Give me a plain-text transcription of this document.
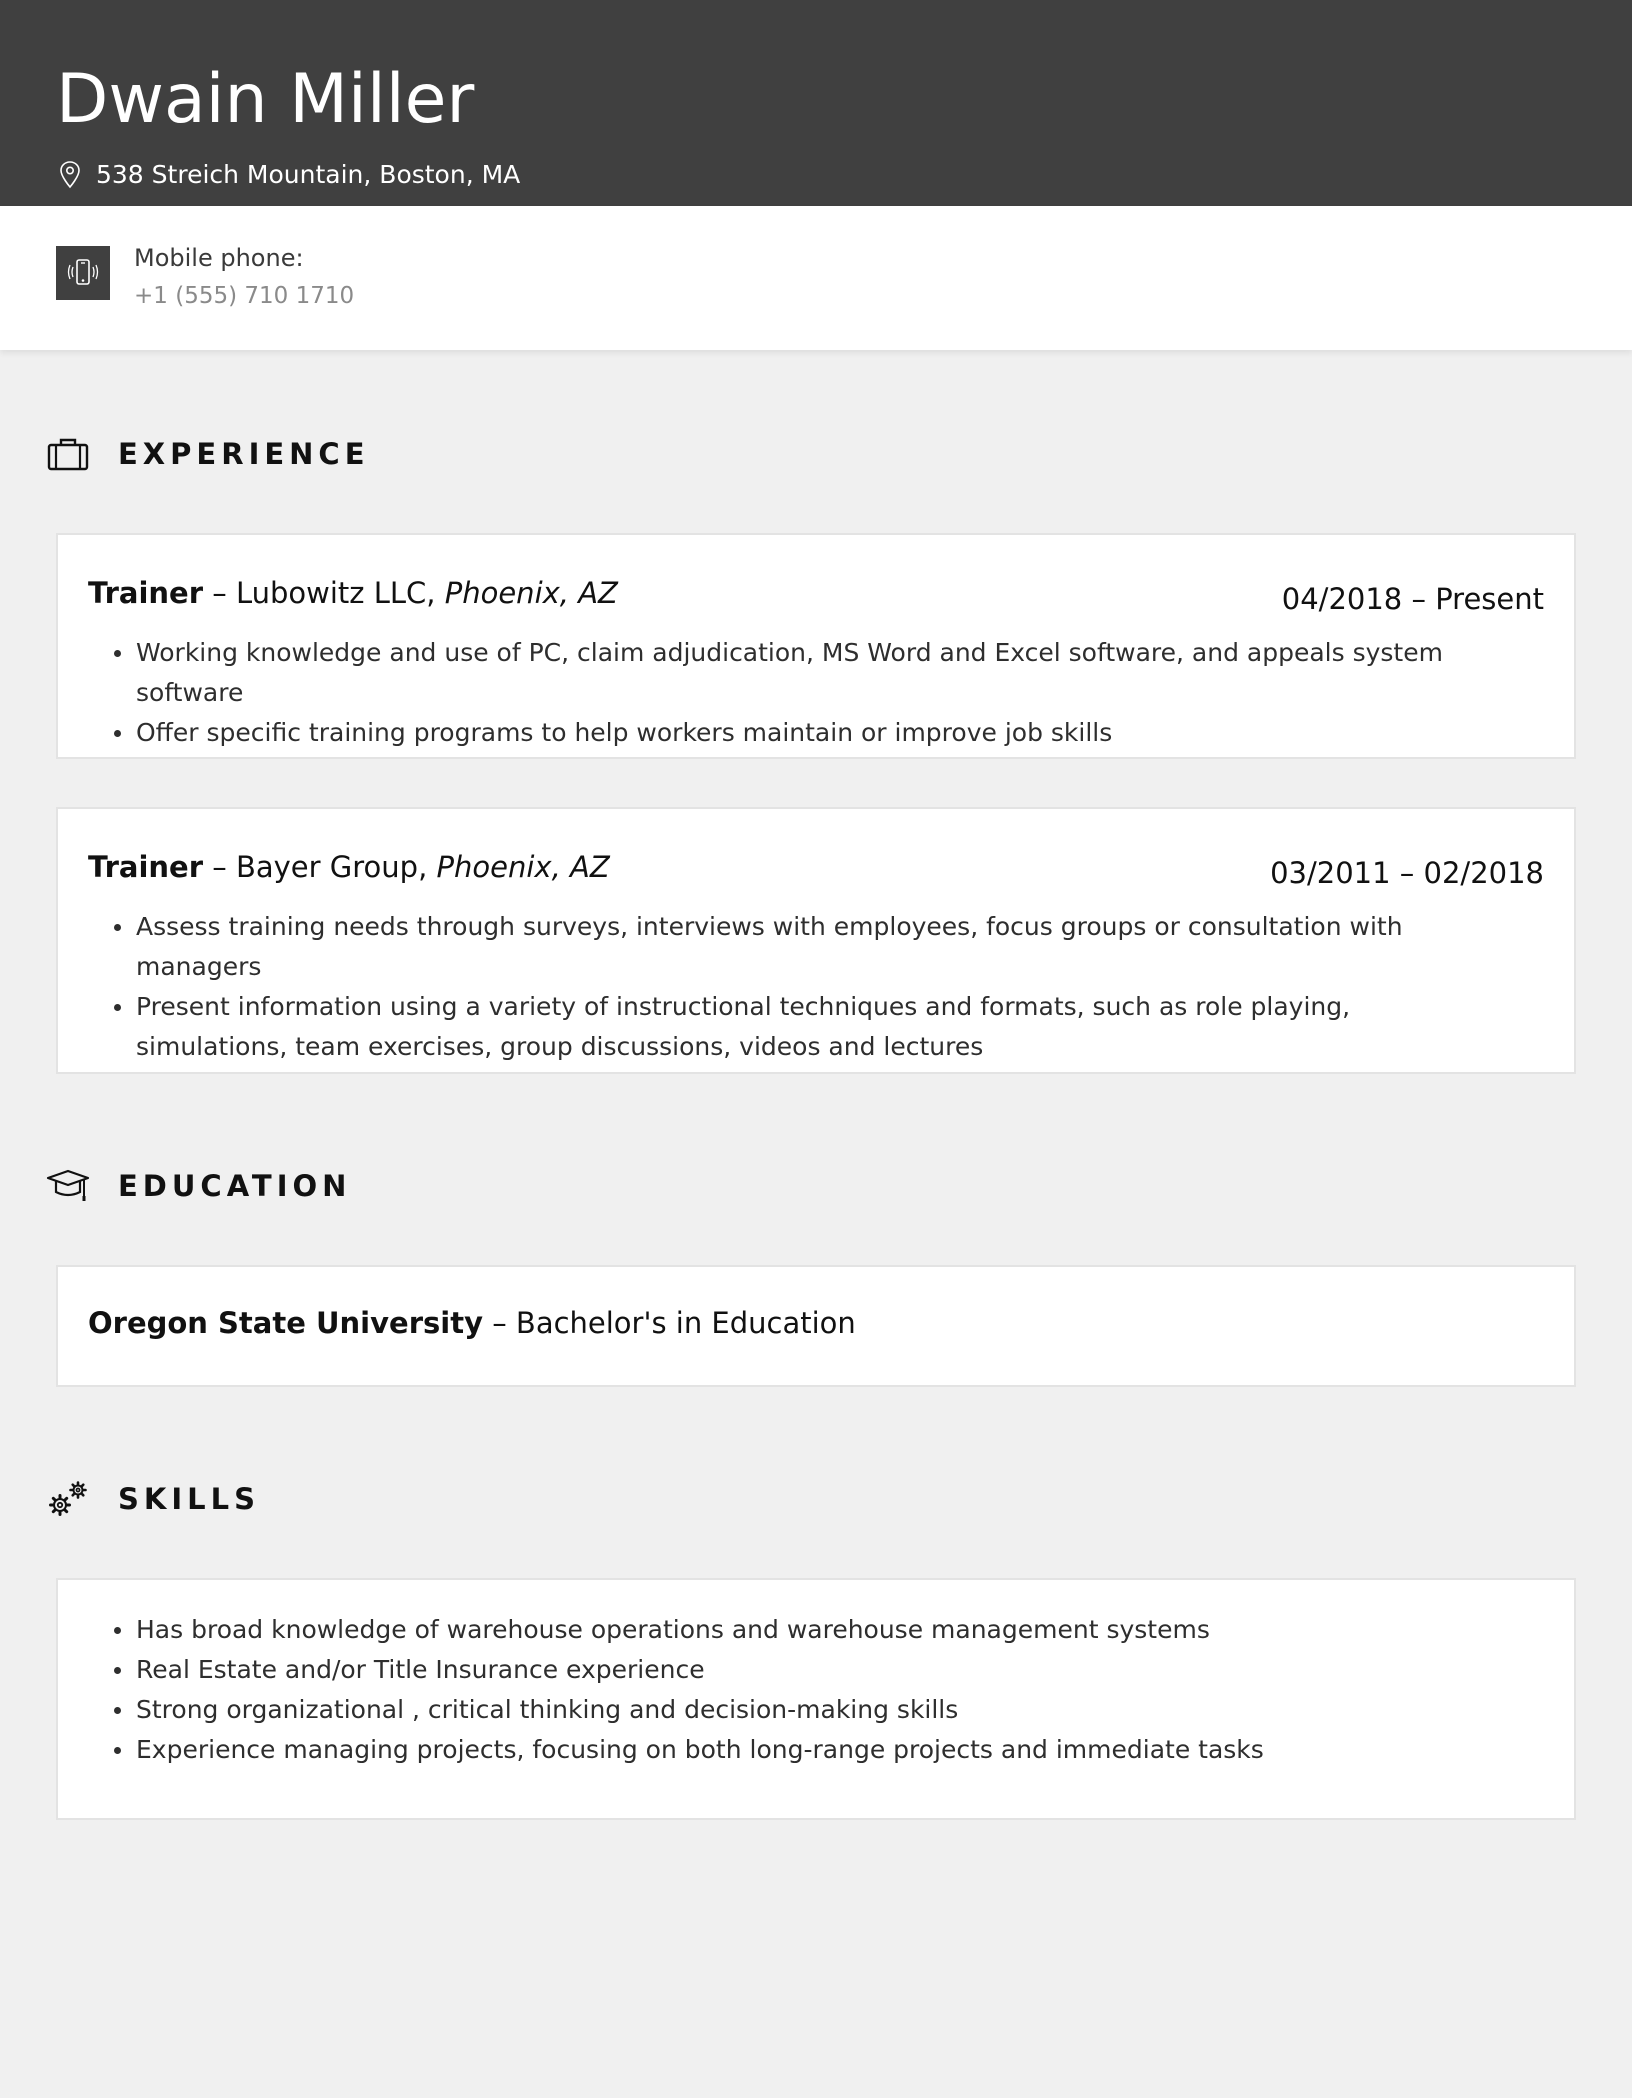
Dwain Miller
538 Streich Mountain, Boston, MA
Mobile phone:
+1 (555) 710 1710
EXPERIENCE
Trainer – Lubowitz LLC, Phoenix, AZ	04/2018 – Present
Working knowledge and use of PC, claim adjudication, MS Word and Excel software, and appeals system software
Offer specific training programs to help workers maintain or improve job skills
Trainer – Bayer Group, Phoenix, AZ	03/2011 – 02/2018
Assess training needs through surveys, interviews with employees, focus groups or consultation with managers
Present information using a variety of instructional techniques and formats, such as role playing, simulations, team exercises, group discussions, videos and lectures
EDUCATION
Oregon State University – Bachelor's in Education
SKILLS
Has broad knowledge of warehouse operations and warehouse management systems
Real Estate and/or Title Insurance experience
Strong organizational , critical thinking and decision-making skills
Experience managing projects, focusing on both long-range projects and immediate tasks
